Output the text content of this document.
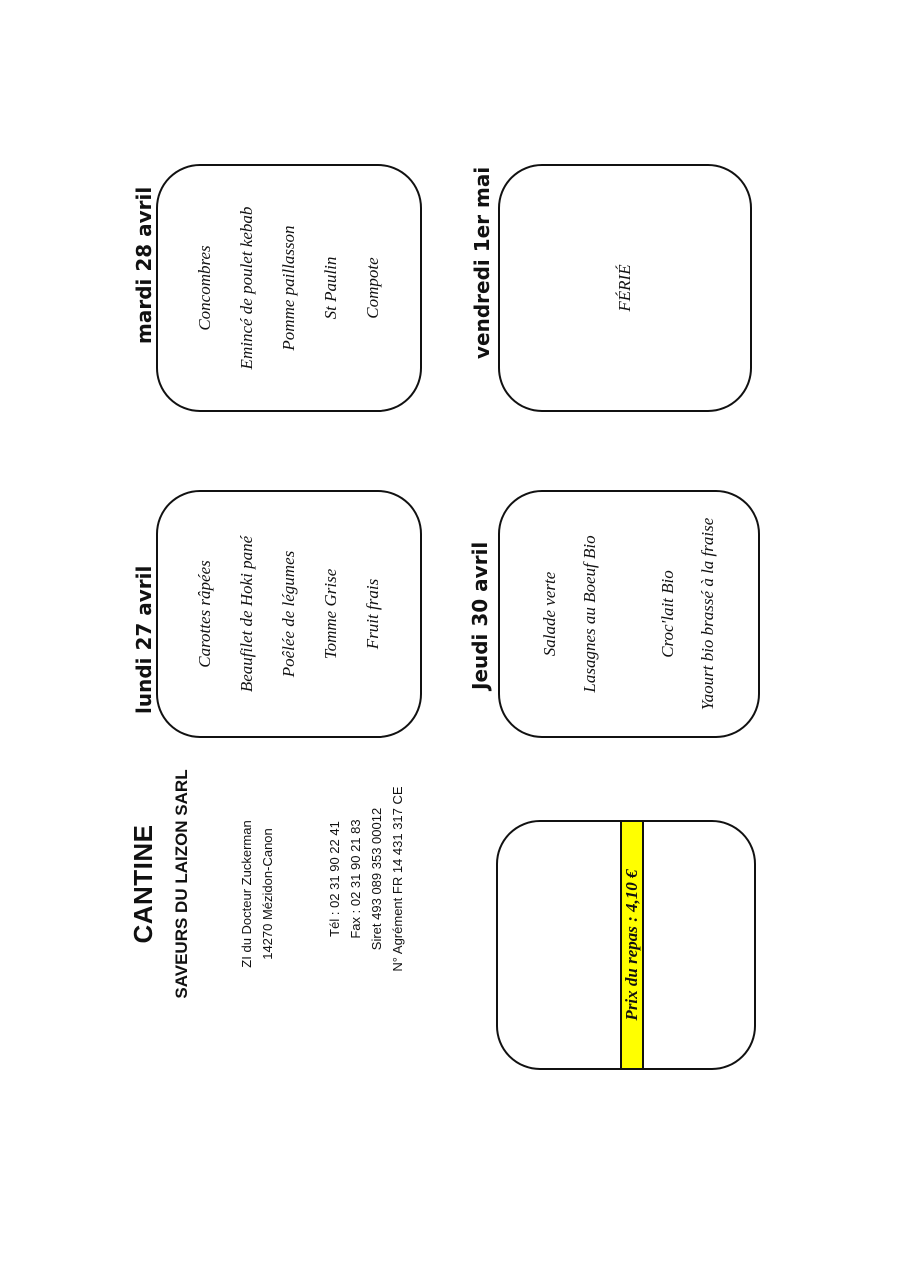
CANTINE SAVEURS DU LAIZON SARL	ZI du Docteur Zuckerman 14270 Mézidon-Canon	Tél : 02 31 90 22 41 Fax : 02 31 90 21 83 Siret 493 089 353 00012 N° Agrément FR 14 431 317 CE	Prix du repas : 4,10 €
lundi 27 avril Carottes râpées Beaufilet de Hoki pané Poêlée de légumes Tomme Grise Fruit frais
mardi 28 avril Concombres Emincé de poulet kebab Pomme paillasson St Paulin Compote
Jeudi 30 avril	Salade verte Lasagnes au Boeuf Bio	Croc'lait Bio Yaourt bio brassé à la fraise
vendredi 1er mai	FÉRIÉ
